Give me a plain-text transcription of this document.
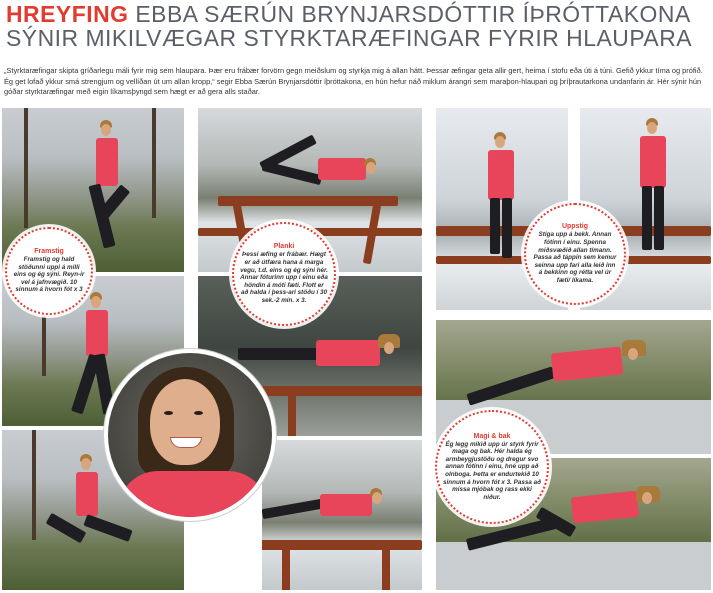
HREYFING EBBA SÆRÚN BRYNJARSDÓTTIR ÍÞRÓTTAKONA
SÝNIR MIKILVÆGAR STYRKTARÆFINGAR FYRIR HLAUPARA
„Styrktaræfingar skipta gríðarlegu máli fyrir mig sem hlaupara. Þær eru frábær forvörn gegn meiðslum og styrkja mig á allan hátt. Þessar æfingar geta allir gert, heima í stofu eða úti á túni. Gefið ykkur tíma og prófið. Ég get lofað ykkur smá strengjum og vellíðan út um allan kropp,“ segir Ebba Særún Brynjarsdóttir íþróttakona, en hún hefur náð miklum árangri sem maraþon-hlaupari og þríþrautarkona undanfarin ár. Hér sýnir hún góðar styrktaræfingar með eigin líkamsþyngd sem hægt er að gera alls staðar.
Framstig
Framstig og hald stöðunni uppi á milli eins og ég sýni. Reyn-ir vel á jafnvægið. 10 sinnum á hvorn fót x 3
Planki
Þessi æfing er frábær. Hægt er að útfæra hana á marga vegu, t.d. eins og ég sýni hér. Annar fóturinn upp í einu eða höndin á móti fæti. Flott er að halda í þess-ari stöðu í 30 sek.-2 mín. x 3.
Uppstig
Stíga upp á bekk. Annan fótinn í einu. Spenna miðsvæðið allan tímann. Passa að táppin sem kemur seinna upp fari alla leið inn á bekkinn og rétta vel úr fæti/ líkama.
Magi & bak
Ég legg mikið upp úr styrk fyrir maga og bak. Hér halda ég armbeygjustöðu og dregur svo annan fótinn í einu, hné upp að olnboga. Þetta er endurtekið 10 sinnum á hvorn fót x 3. Passa að missa mjóbak og rass ekki niður.
